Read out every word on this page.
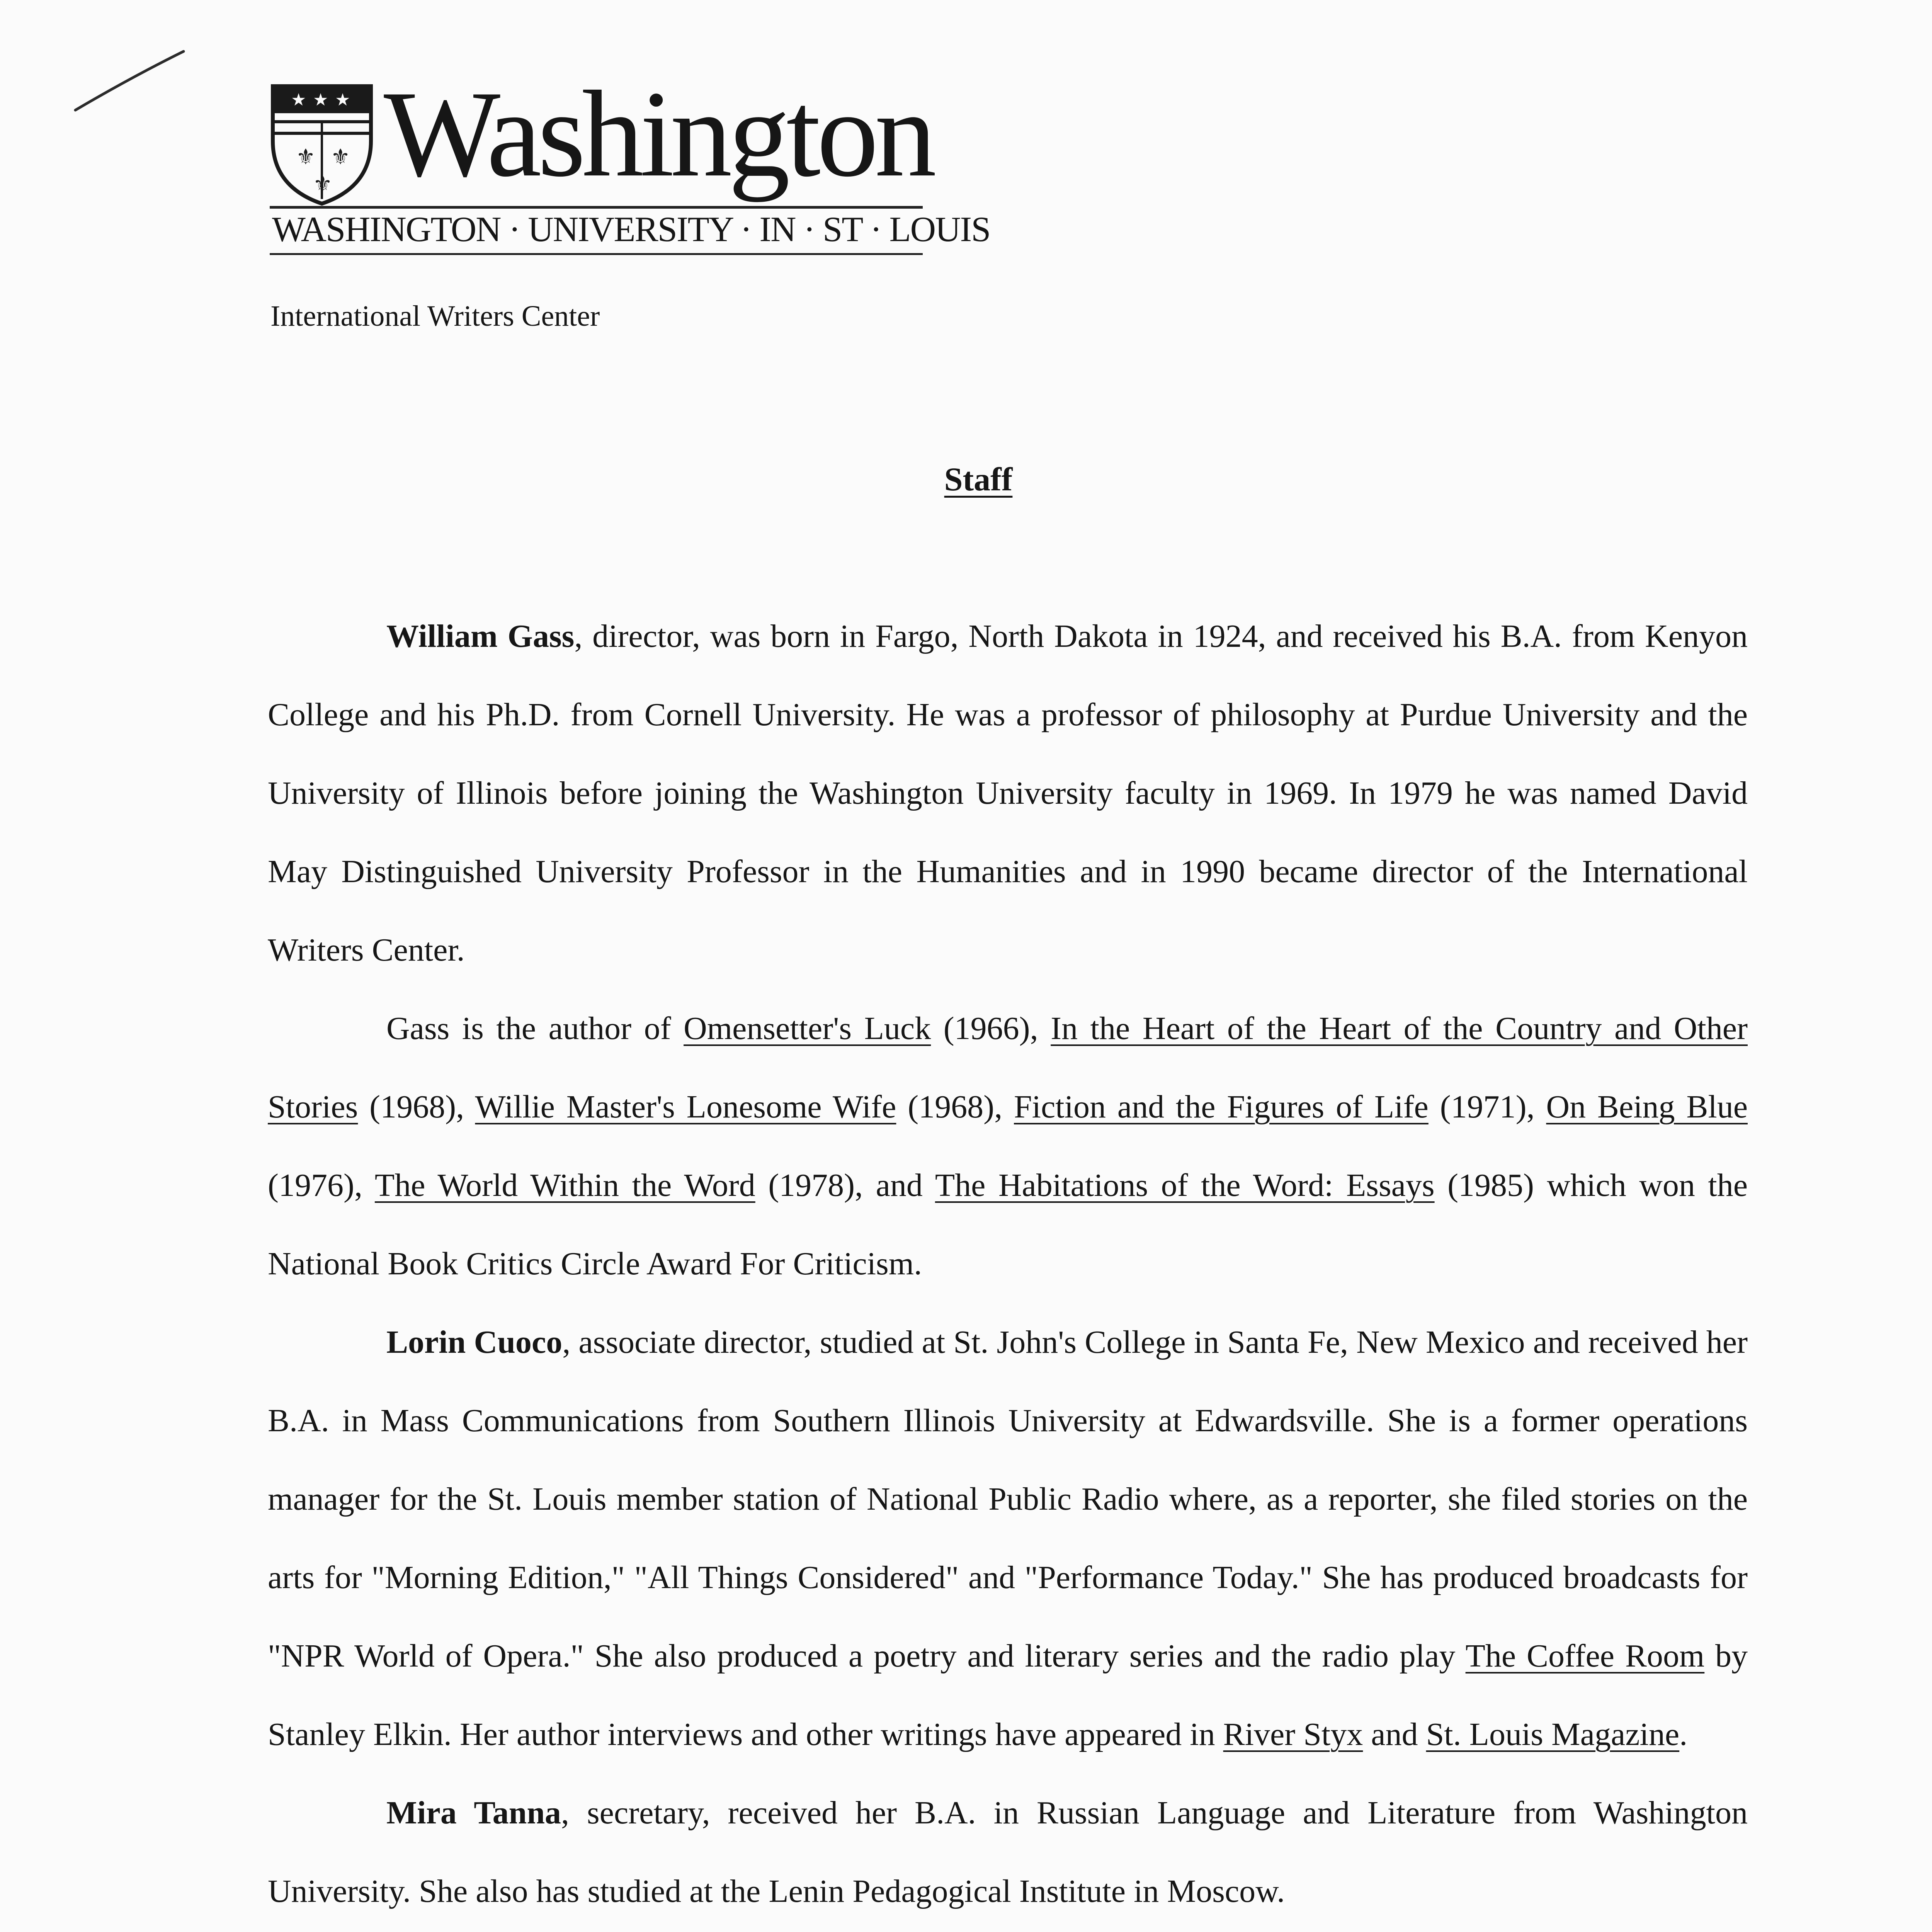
★ ★ ★
⚜ ⚜
⚜ Washington
WASHINGTON · UNIVERSITY · IN · ST · LOUIS
International Writers Center
Staff

William Gass, director, was born in Fargo, North Dakota in 1924, and received his B.A. from Kenyon College and his Ph.D. from Cornell University. He was a professor of philosophy at Purdue University and the University of Illinois before joining the Washington University faculty in 1969. In 1979 he was named David May Distinguished University Professor in the Humanities and in 1990 became director of the International Writers Center.

Gass is the author of Omensetter's Luck (1966), In the Heart of the Heart of the Country and Other Stories (1968), Willie Master's Lonesome Wife (1968), Fiction and the Figures of Life (1971), On Being Blue (1976), The World Within the Word (1978), and The Habitations of the Word: Essays (1985) which won the National Book Critics Circle Award For Criticism.

Lorin Cuoco, associate director, studied at St. John's College in Santa Fe, New Mexico and received her B.A. in Mass Communications from Southern Illinois University at Edwardsville. She is a former operations manager for the St. Louis member station of National Public Radio where, as a reporter, she filed stories on the arts for "Morning Edition," "All Things Considered" and "Performance Today." She has produced broadcasts for "NPR World of Opera." She also produced a poetry and literary series and the radio play The Coffee Room by Stanley Elkin. Her author interviews and other writings have appeared in River Styx and St. Louis Magazine.

Mira Tanna, secretary, received her B.A. in Russian Language and Literature from Washington University. She also has studied at the Lenin Pedagogical Institute in Moscow.
